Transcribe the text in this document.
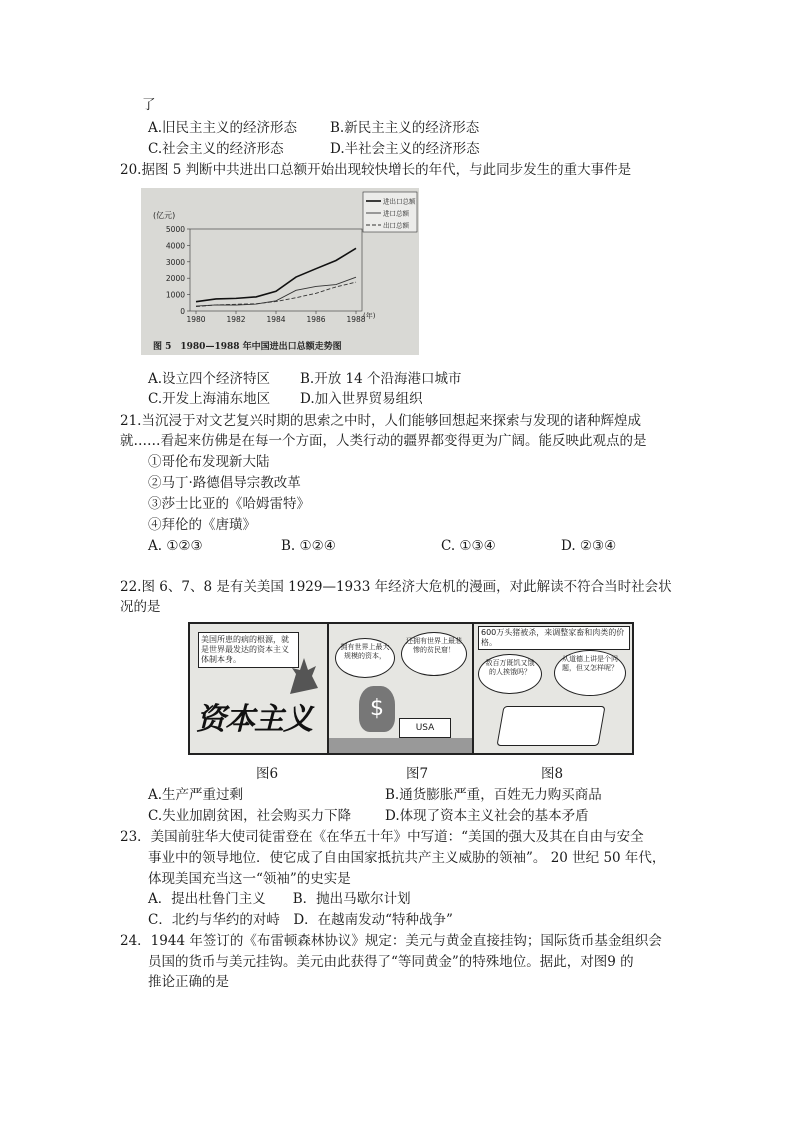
了
A.旧民主主义的经济形态 B.新民主主义的经济形态
C.社会主义的经济形态	D.半社会主义的经济形态
20.据图 5 判断中共进出口总额开始出现较快增长的年代，与此同步发生的重大事件是
(亿元)
(年)
图 5　1980—1988 年中国进出口总额走势图
0
1000
2000
3000
4000
5000
1980	1982	1984	1986	1988
进出口总额
进口总额
出口总额
A.设立四个经济特区 B.开放 14 个沿海港口城市
C.开发上海浦东地区 D.加入世界贸易组织
21.当沉浸于对文艺复兴时期的思索之中时，人们能够回想起来探索与发现的诸种辉煌成
就……看起来仿佛是在每一个方面，人类行动的疆界都变得更为广阔。能反映此观点的是
①哥伦布发现新大陆
②马丁·路德倡导宗教改革
③莎士比亚的《哈姆雷特》
④拜伦的《唐璜》
A. ①②③	B. ①②④	C. ①③④	D. ②③④
22.图 6、7、8 是有关美国 1929—1933 年经济大危机的漫画，对此解读不符合当时社会状
况的是
美国所患的病的根源，就是世界最发达的资本主义体制本身。
资本主义
拥有世界上最大规模的资本，
还拥有世界上最悲惨的贫民窟！
$
USA
600万头猪被杀，来调整家畜和肉类的价格。
数百万既饥又饿的人挨饿吗？
从道德上讲是个问题，但又怎样呢？
图6	图7	图8
A.生产严重过剩	B.通货膨胀严重，百姓无力购买商品
C.失业加剧贫困，社会购买力下降	D.体现了资本主义社会的基本矛盾
23．美国前驻华大使司徒雷登在《在华五十年》中写道：“美国的强大及其在自由与安全
事业中的领导地位．使它成了自由国家抵抗共产主义威胁的领袖”。 20 世纪 50 年代，
体现美国充当这一“领袖”的史实是
A．提出杜鲁门主义　　B．抛出马歇尔计划
C．北约与华约的对峙　D．在越南发动“特种战争”
24．1944 年签订的《布雷顿森林协议》规定：美元与黄金直接挂钩；国际货币基金组织会
员国的货币与美元挂钩。美元由此获得了“等同黄金”的特殊地位。据此，对图9 的
推论正确的是
